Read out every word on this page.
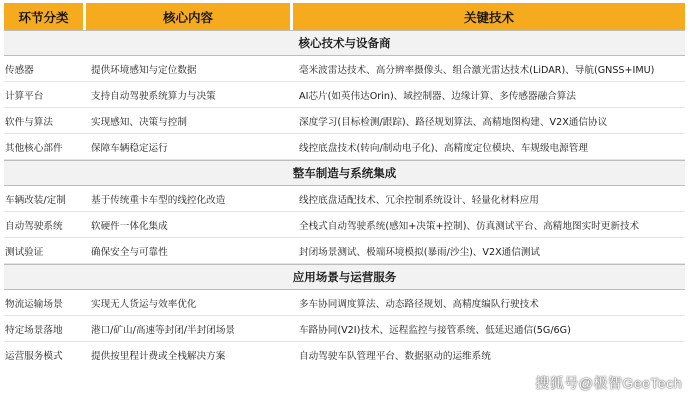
环节分类	核心内容	关键技术
核心技术与设备商
传感器	提供环境感知与定位数据	毫米波雷达技术、高分辨率摄像头、组合激光雷达技术(LiDAR)、导航(GNSS+IMU)
计算平台	支持自动驾驶系统算力与决策	AI芯片(如英伟达Orin)、域控制器、边缘计算、多传感器融合算法
软件与算法	实现感知、决策与控制	深度学习(目标检测/跟踪)、路径规划算法、高精地图构建、V2X通信协议
其他核心部件	保障车辆稳定运行	线控底盘技术(转向/制动电子化)、高精度定位模块、车规级电源管理
整车制造与系统集成
车辆改装/定制	基于传统重卡车型的线控化改造	线控底盘适配技术、冗余控制系统设计、轻量化材料应用
自动驾驶系统	软硬件一体化集成	全栈式自动驾驶系统(感知+决策+控制)、仿真测试平台、高精地图实时更新技术
测试验证	确保安全与可靠性	封闭场景测试、极端环境模拟(暴雨/沙尘)、V2X通信测试
应用场景与运营服务
物流运输场景	实现无人货运与效率优化	多车协同调度算法、动态路径规划、高精度编队行驶技术
特定场景落地	港口/矿山/高速等封闭/半封闭场景	车路协同(V2I)技术、远程监控与接管系统、低延迟通信(5G/6G)
运营服务模式	提供按里程计费或全栈解决方案	自动驾驶车队管理平台、数据驱动的运维系统
搜狐号@极智GeeTech
